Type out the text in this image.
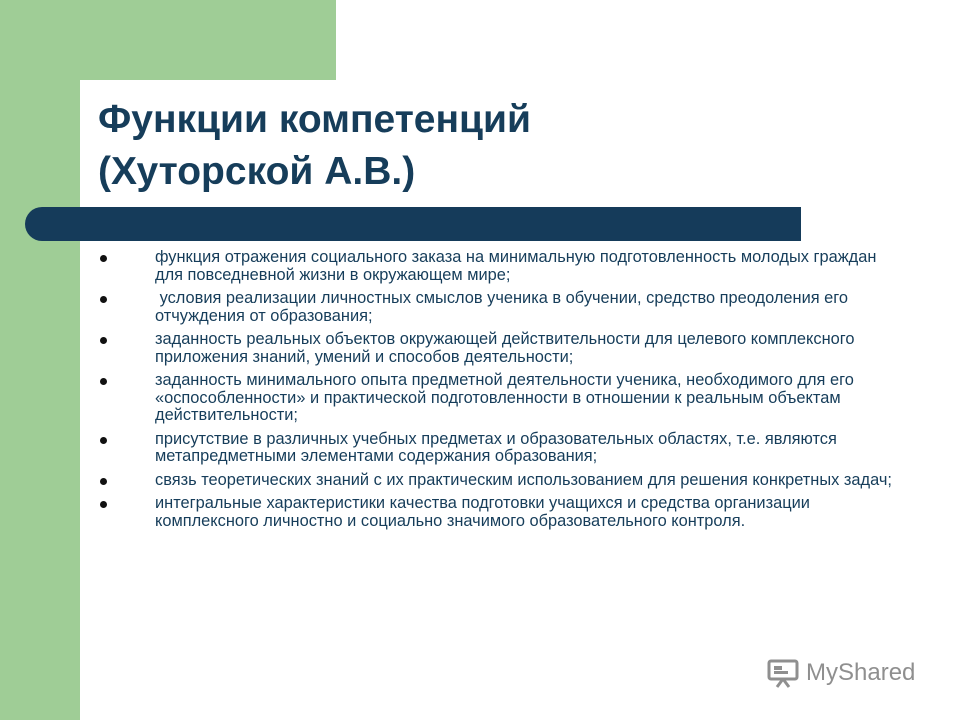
Функции компетенций
(Хуторской А.В.)
функция отражения социального заказа на минимальную подготовленность молодых граждан для повседневной жизни в окружающем мире;
условия реализации личностных смыслов ученика в обучении, средство преодоления его отчуждения от образования;
заданность реальных объектов окружающей действительности для целевого комплексного приложения знаний, умений и способов деятельности;
заданность минимального опыта предметной деятельности ученика, необходимого для его «оспособленности» и практической подготовленности в отношении к реальным объектам действительности;
присутствие в различных учебных предметах и образовательных областях, т.е. являются метапредметными элементами содержания образования;
связь теоретических знаний с их практическим использованием для решения конкретных задач;
интегральные характеристики качества подготовки учащихся и средства организации комплексного личностно и социально значимого образовательного контроля.
MyShared
